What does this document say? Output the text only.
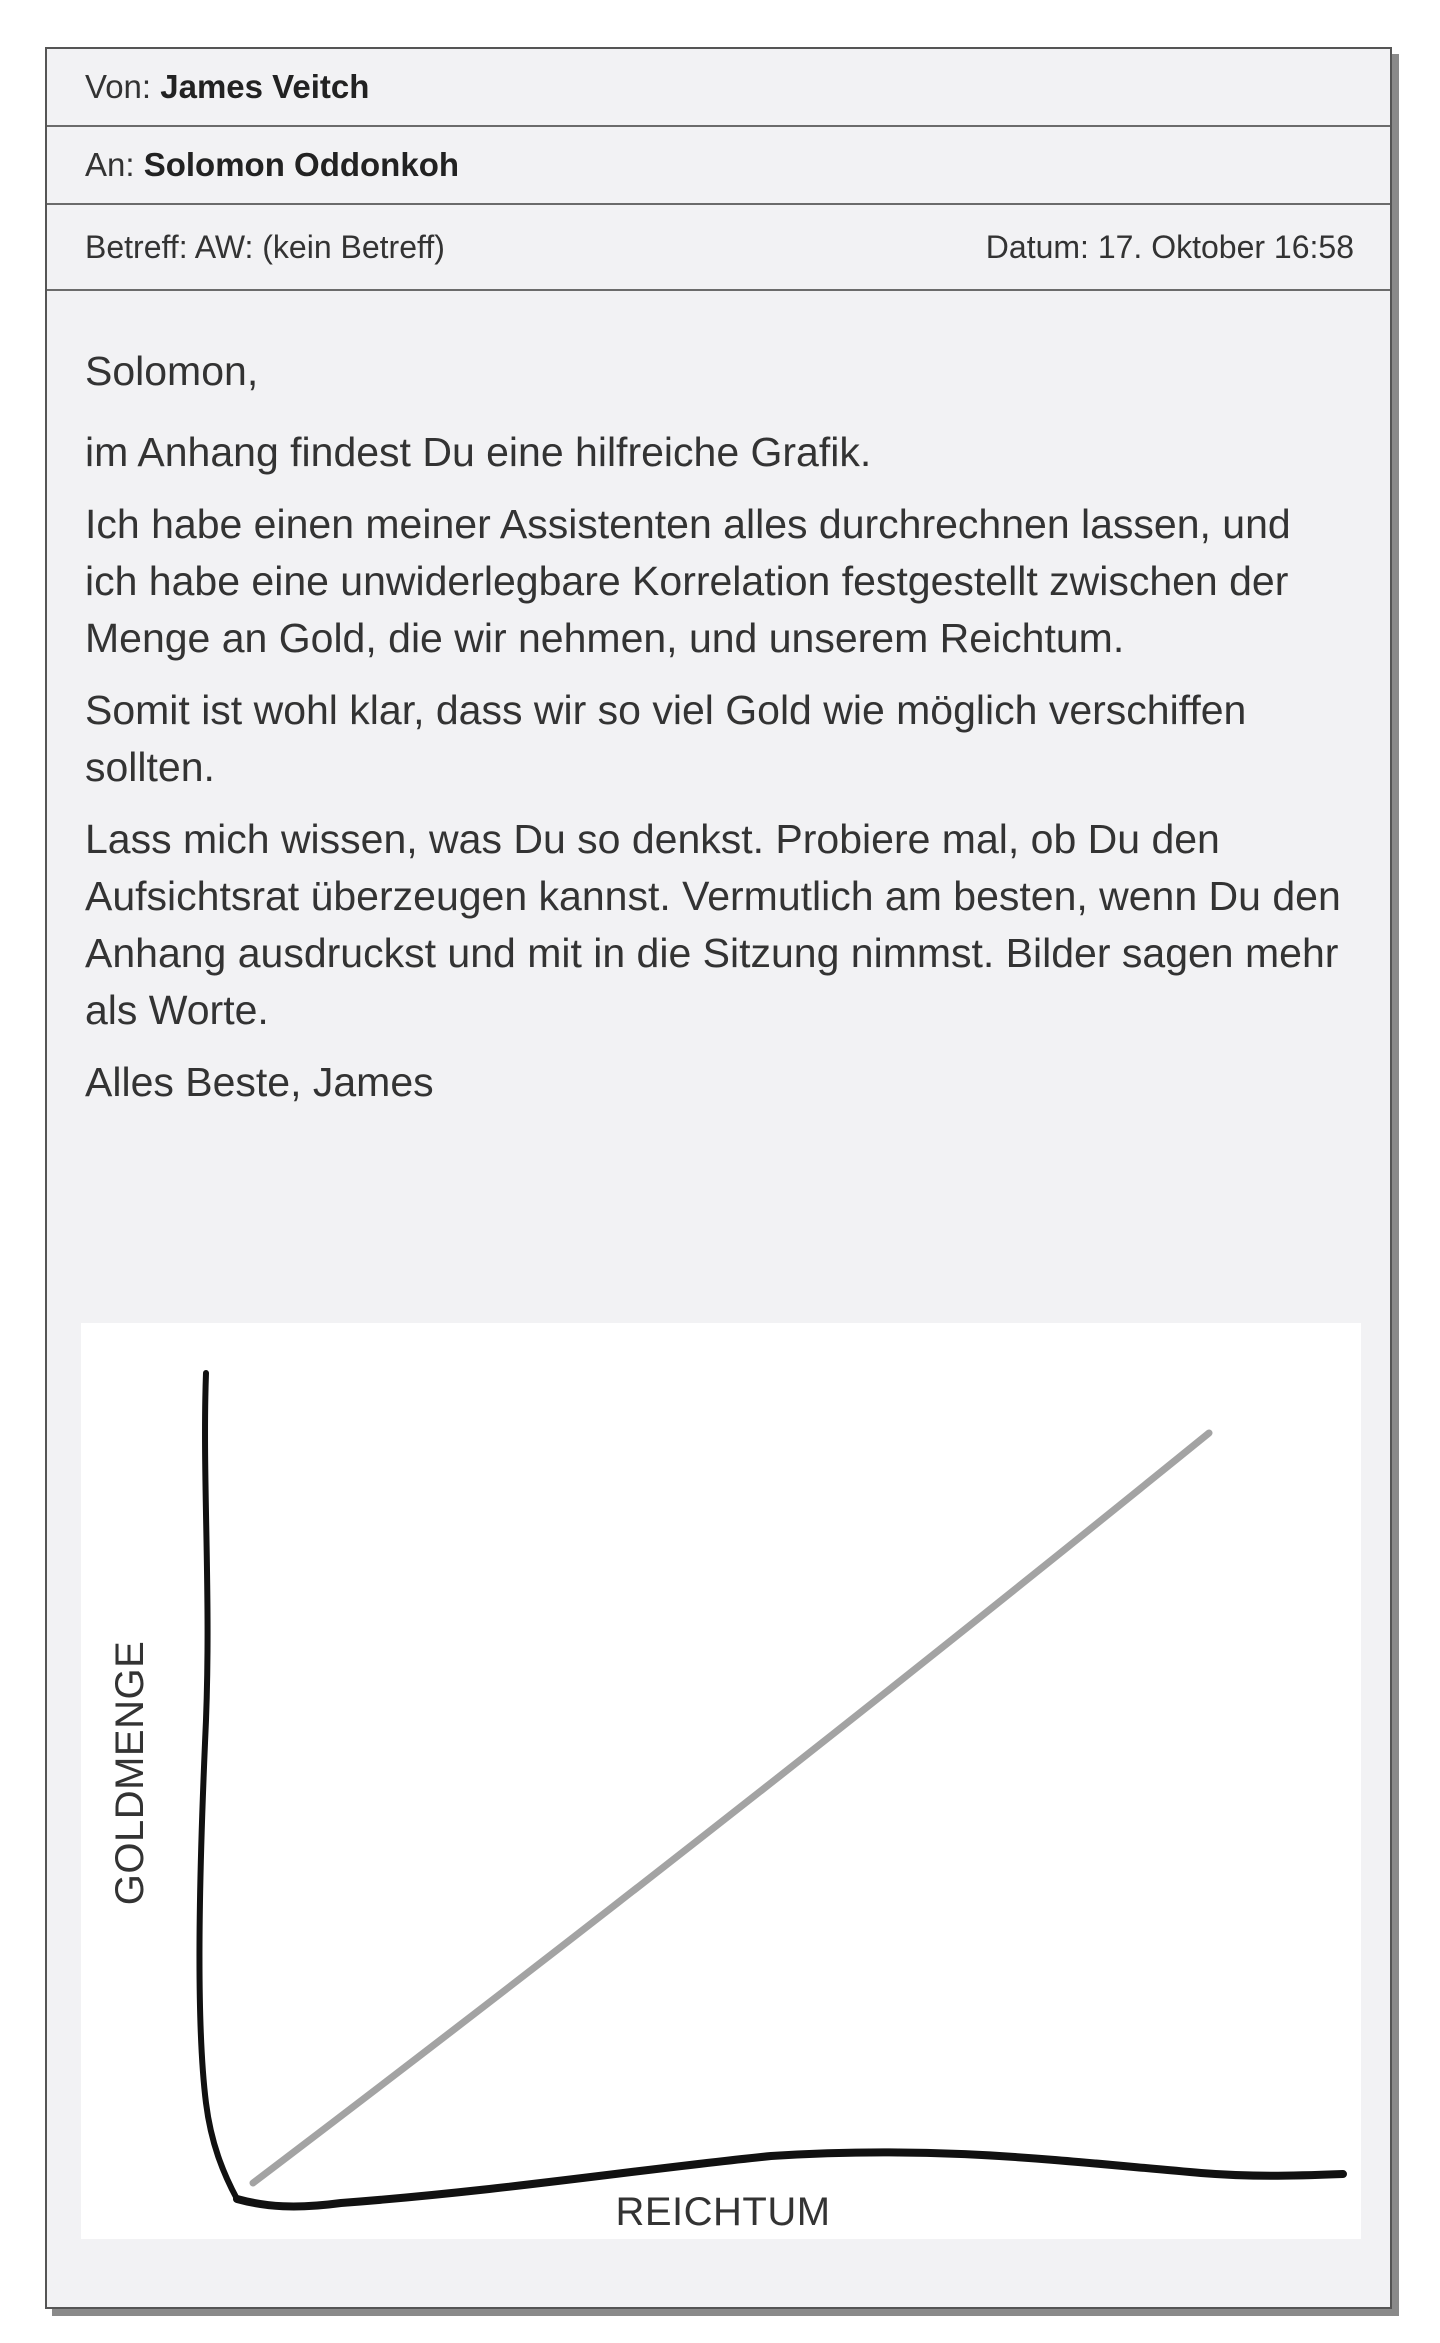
Von: James Veitch
An: Solomon Oddonkoh
Betreff: AW: (kein Betreff)	Datum: 17. Oktober 16:58

Solomon,

im Anhang findest Du eine hilfreiche Grafik.

Ich habe einen meiner Assistenten alles durchrechnen lassen, und ich habe eine unwiderlegbare Korrelation festgestellt zwischen der Menge an Gold, die wir nehmen, und unserem Reichtum.

Somit ist wohl klar, dass wir so viel Gold wie möglich verschiffen sollten.

Lass mich wissen, was Du so denkst. Probiere mal, ob Du den Aufsichtsrat überzeugen kannst. Vermutlich am besten, wenn Du den Anhang ausdruckst und mit in die Sitzung nimmst. Bilder sagen mehr als Worte.

Alles Beste, James

REICHTUM
GOLDMENGE
